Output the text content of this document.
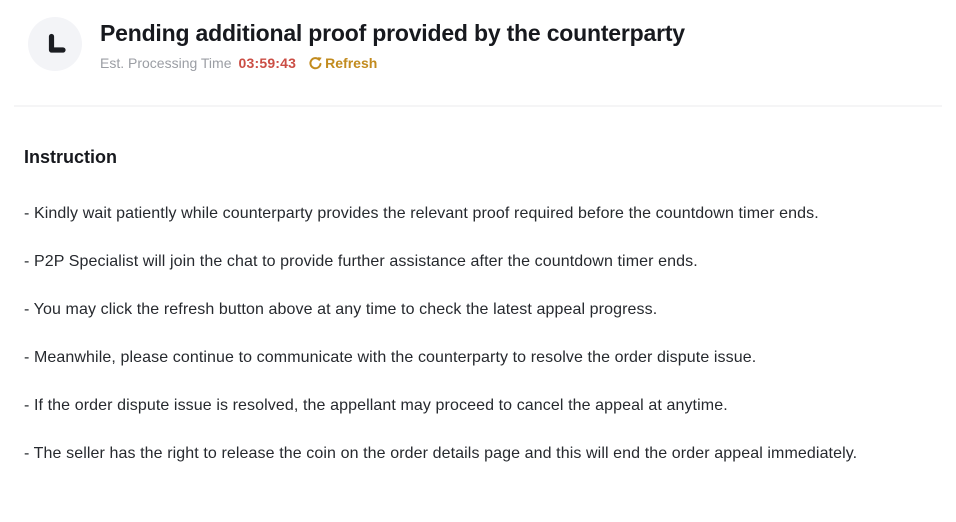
Pending additional proof provided by the counterparty
Est. Processing Time 03:59:43 Refresh
Instruction

- Kindly wait patiently while counterparty provides the relevant proof required before the countdown timer ends.

- P2P Specialist will join the chat to provide further assistance after the countdown timer ends.

- You may click the refresh button above at any time to check the latest appeal progress.

- Meanwhile, please continue to communicate with the counterparty to resolve the order dispute issue.

- If the order dispute issue is resolved, the appellant may proceed to cancel the appeal at anytime.

- The seller has the right to release the coin on the order details page and this will end the order appeal immediately.
